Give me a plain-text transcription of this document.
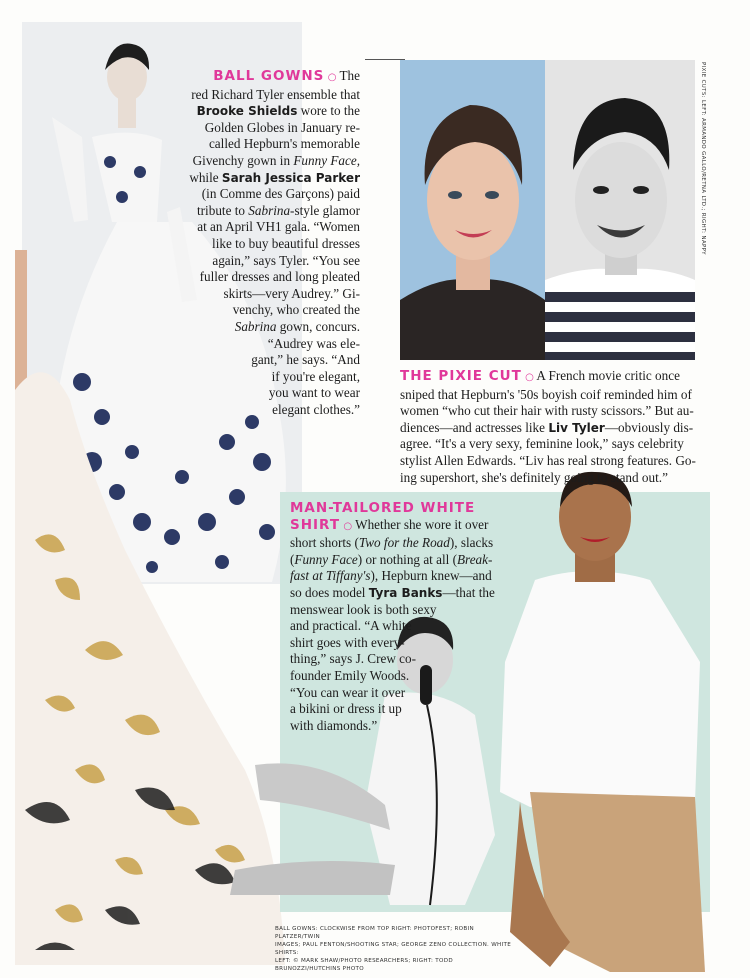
BALL GOWNS ○ The
red Richard Tyler ensemble that
Brooke Shields wore to the
Golden Globes in January re-
called Hepburn's memorable
Givenchy gown in Funny Face,
while Sarah Jessica Parker
(in Comme des Garçons) paid
tribute to Sabrina-style glamor
at an April VH1 gala. “Women
like to buy beautiful dresses
again,” says Tyler. “You see
fuller dresses and long pleated
skirts—very Audrey.” Gi-
venchy, who created the
Sabrina gown, concurs.
“Audrey was ele-
gant,” he says. “And
if you're elegant,
you want to wear
elegant clothes.”
THE PIXIE CUT ○ A French movie critic once
sniped that Hepburn's '50s boyish coif reminded him of
women “who cut their hair with rusty scissors.” But au-
diences—and actresses like Liv Tyler—obviously dis-
agree. “It's a very sexy, feminine look,” says celebrity
stylist Allen Edwards. “Liv has real strong features. Go-
ing supershort, she's definitely going to stand out.”
MAN-TAILORED WHITE
SHIRT ○ Whether she wore it over
short shorts (Two for the Road), slacks
(Funny Face) or nothing at all (Break-
fast at Tiffany's), Hepburn knew—and
so does model Tyra Banks—that the
menswear look is both sexy
and practical. “A white
shirt goes with every-
thing,” says J. Crew co-
founder Emily Woods.
“You can wear it over
a bikini or dress it up
with diamonds.”
BALL GOWNS: CLOCKWISE FROM TOP RIGHT: PHOTOFEST; ROBIN PLATZER/TWIN
IMAGES; PAUL FENTON/SHOOTING STAR; GEORGE ZENO COLLECTION. WHITE SHIRTS:
LEFT: © MARK SHAW/PHOTO RESEARCHERS; RIGHT: TODD BRUNOZZI/HUTCHINS PHOTO
PIXIE CUTS: LEFT: ARMANDO GALLO/RETNA LTD.; RIGHT: NAPPY
